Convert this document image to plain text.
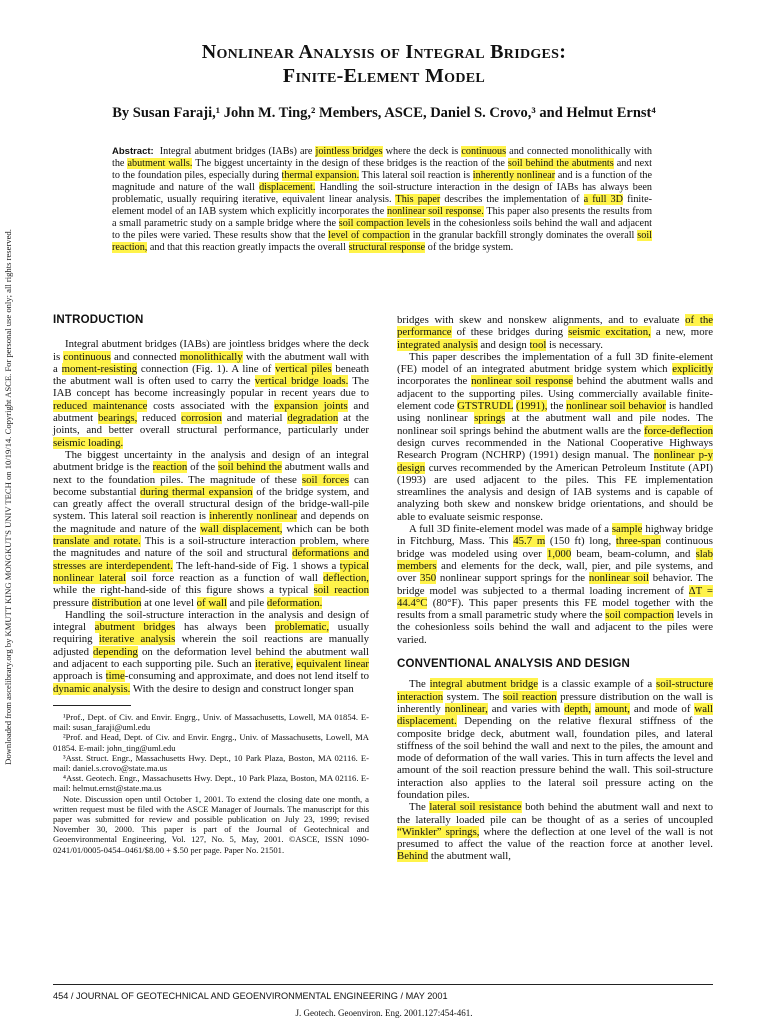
Downloaded from ascelibrary.org by KMUTT KING MONGKUT'S UNIV TECH on 10/19/14. Copyright ASCE. For personal use only; all rights reserved.
Nonlinear Analysis of Integral Bridges:
Finite-Element Model
By Susan Faraji,¹ John M. Ting,² Members, ASCE, Daniel S. Crovo,³ and Helmut Ernst⁴
Abstract: Integral abutment bridges (IABs) are jointless bridges where the deck is continuous and connected monolithically with the abutment walls. The biggest uncertainty in the design of these bridges is the reaction of the soil behind the abutments and next to the foundation piles, especially during thermal expansion. This lateral soil reaction is inherently nonlinear and is a function of the magnitude and nature of the wall displacement. Handling the soil-structure interaction in the design of IABs has always been problematic, usually requiring iterative, equivalent linear analysis. This paper describes the implementation of a full 3D finite-element model of an IAB system which explicitly incorporates the nonlinear soil response. This paper also presents the results from a small parametric study on a sample bridge where the soil compaction levels in the cohesionless soils behind the wall and adjacent to the piles were varied. These results show that the level of compaction in the granular backfill strongly dominates the overall soil reaction, and that this reaction greatly impacts the overall structural response of the bridge system.
INTRODUCTION

Integral abutment bridges (IABs) are jointless bridges where the deck is continuous and connected monolithically with the abutment wall with a moment-resisting connection (Fig. 1). A line of vertical piles beneath the abutment wall is often used to carry the vertical bridge loads. The IAB concept has become increasingly popular in recent years due to reduced maintenance costs associated with the expansion joints and abutment bearings, reduced corrosion and material degradation at the joints, and better overall structural performance, particularly under seismic loading.

The biggest uncertainty in the analysis and design of an integral abutment bridge is the reaction of the soil behind the abutment walls and next to the foundation piles. The magnitude of these soil forces can become substantial during thermal expansion of the bridge system, and can greatly affect the overall structural design of the bridge-wall-pile system. This lateral soil reaction is inherently nonlinear and depends on the magnitude and nature of the wall displacement, which can be both translate and rotate. This is a soil-structure interaction problem, where the magnitudes and nature of the soil and structural deformations and stresses are interdependent. The left-hand-side of Fig. 1 shows a typical nonlinear lateral soil force reaction as a function of wall deflection, while the right-hand-side of this figure shows a typical soil reaction pressure distribution at one level of wall and pile deformation.

Handling the soil-structure interaction in the analysis and design of integral abutment bridges has always been problematic, usually requiring iterative analysis wherein the soil reactions are manually adjusted depending on the deformation level behind the abutment wall and adjacent to each supporting pile. Such an iterative, equivalent linear approach is time-consuming and approximate, and does not lend itself to dynamic analysis. With the desire to design and construct longer span

¹Prof., Dept. of Civ. and Envir. Engrg., Univ. of Massachusetts, Lowell, MA 01854. E-mail: susan_faraji@uml.edu

²Prof. and Head, Dept. of Civ. and Envir. Engrg., Univ. of Massachusetts, Lowell, MA 01854. E-mail: john_ting@uml.edu

³Asst. Struct. Engr., Massachusetts Hwy. Dept., 10 Park Plaza, Boston, MA 02116. E-mail: daniel.s.crovo@state.ma.us

⁴Asst. Geotech. Engr., Massachusetts Hwy. Dept., 10 Park Plaza, Boston, MA 02116. E-mail: helmut.ernst@state.ma.us

Note. Discussion open until October 1, 2001. To extend the closing date one month, a written request must be filed with the ASCE Manager of Journals. The manuscript for this paper was submitted for review and possible publication on July 23, 1999; revised November 30, 2000. This paper is part of the Journal of Geotechnical and Geoenvironmental Engineering, Vol. 127, No. 5, May, 2001. ©ASCE, ISSN 1090-0241/01/0005-0454–0461/$8.00 + $.50 per page. Paper No. 21501.

bridges with skew and nonskew alignments, and to evaluate of the performance of these bridges during seismic excitation, a new, more integrated analysis and design tool is necessary.

This paper describes the implementation of a full 3D finite-element (FE) model of an integrated abutment bridge system which explicitly incorporates the nonlinear soil response behind the abutment walls and adjacent to the supporting piles. Using commercially available finite-element code GTSTRUDL (1991), the nonlinear soil behavior is handled using nonlinear springs at the abutment wall and pile nodes. The nonlinear soil springs behind the abutment walls are the force-deflection design curves recommended in the National Cooperative Highways Research Program (NCHRP) (1991) design manual. The nonlinear p-y design curves recommended by the American Petroleum Institute (API) (1993) are used adjacent to the piles. This FE implementation streamlines the analysis and design of IAB systems and is capable of analyzing both skew and nonskew bridge orientations, and should be able to evaluate seismic response.

A full 3D finite-element model was made of a sample highway bridge in Fitchburg, Mass. This 45.7 m (150 ft) long, three-span continuous bridge was modeled using over 1,000 beam, beam-column, and slab members and elements for the deck, wall, pier, and pile systems, and over 350 nonlinear support springs for the nonlinear soil behavior. The bridge model was subjected to a thermal loading increment of ΔT = 44.4°C (80°F). This paper presents this FE model together with the results from a small parametric study where the soil compaction levels in the cohesionless soils behind the wall and adjacent to the piles were varied.

CONVENTIONAL ANALYSIS AND DESIGN

The integral abutment bridge is a classic example of a soil-structure interaction system. The soil reaction pressure distribution on the wall is inherently nonlinear, and varies with depth, amount, and mode of wall displacement. Depending on the relative flexural stiffness of the composite bridge deck, abutment wall, foundation piles, and lateral stiffness of the soil behind the wall and next to the piles, the amount and mode of deformation of the wall varies. This in turn affects the level and amount of the soil reaction pressure behind the wall. This soil-structure interaction also applies to the lateral soil pressure acting on the foundation piles.

The lateral soil resistance both behind the abutment wall and next to the laterally loaded pile can be thought of as a series of uncoupled “Winkler” springs, where the deflection at one level of the wall is not presumed to affect the value of the reaction force at another level. Behind the abutment wall,

454 / JOURNAL OF GEOTECHNICAL AND GEOENVIRONMENTAL ENGINEERING / MAY 2001
J. Geotech. Geoenviron. Eng. 2001.127:454-461.
